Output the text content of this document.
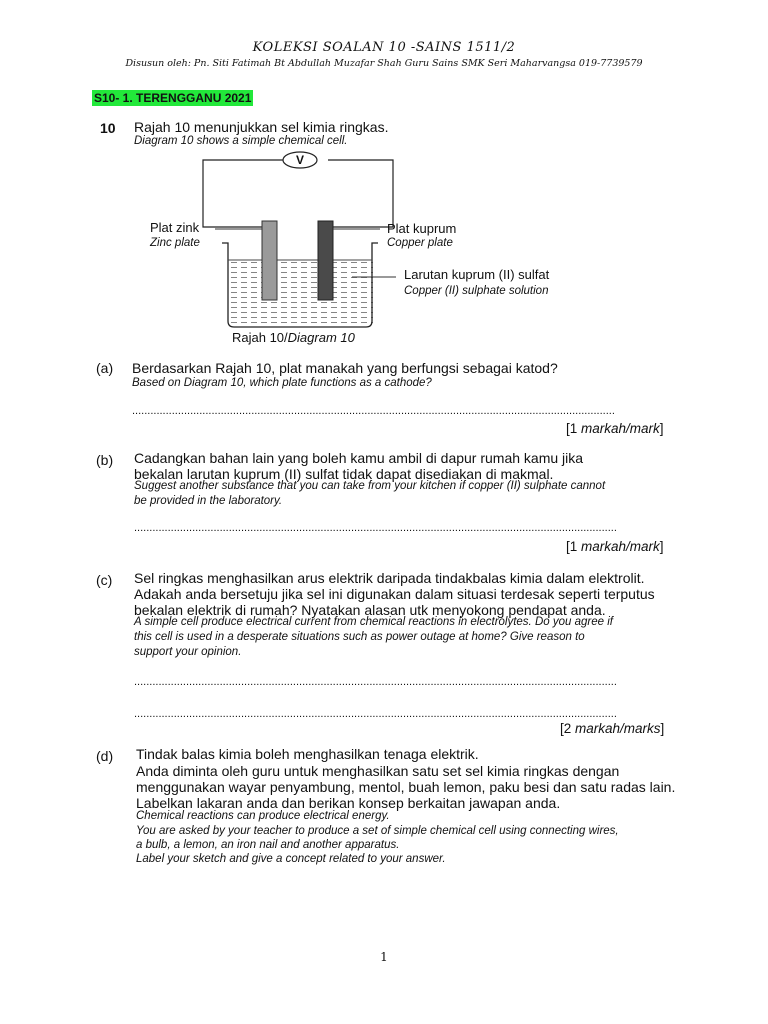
KOLEKSI SOALAN 10 -SAINS 1511/2
Disusun oleh: Pn. Siti Fatimah Bt Abdullah Muzafar Shah Guru Sains SMK Seri Maharvangsa 019-7739579
S10- 1. TERENGGANU 2021
10 Rajah 10 menunjukkan sel kimia ringkas.
Diagram 10 shows a simple chemical cell.
V
Plat zink
Zinc plate
Plat kuprum
Copper plate
Larutan kuprum (II) sulfat
Copper (II) sulphate solution
Rajah 10/Diagram 10
(a) Berdasarkan Rajah 10, plat manakah yang berfungsi sebagai katod?
Based on Diagram 10, which plate functions as a cathode?
..............................................................................................................................................................
[1 markah/mark]
(b) Cadangkan bahan lain yang boleh kamu ambil di dapur rumah kamu jika
bekalan larutan kuprum (II) sulfat tidak dapat disediakan di makmal.
Suggest another substance that you can take from your kitchen if copper (II) sulphate cannot
be provided in the laboratory.
..............................................................................................................................................................
[1 markah/mark]
(c) Sel ringkas menghasilkan arus elektrik daripada tindakbalas kimia dalam elektrolit.
Adakah anda bersetuju jika sel ini digunakan dalam situasi terdesak seperti terputus
bekalan elektrik di rumah? Nyatakan alasan utk menyokong pendapat anda.
A simple cell produce electrical current from chemical reactions in electrolytes. Do you agree if
this cell is used in a desperate situations such as power outage at home? Give reason to
support your opinion.
..............................................................................................................................................................
..............................................................................................................................................................
[2 markah/marks]
(d) Tindak balas kimia boleh menghasilkan tenaga elektrik.
Anda diminta oleh guru untuk menghasilkan satu set sel kimia ringkas dengan
menggunakan wayar penyambung, mentol, buah lemon, paku besi dan satu radas lain.
Labelkan lakaran anda dan berikan konsep berkaitan jawapan anda.
Chemical reactions can produce electrical energy.
You are asked by your teacher to produce a set of simple chemical cell using connecting wires,
a bulb, a lemon, an iron nail and another apparatus.
Label your sketch and give a concept related to your answer.
1
